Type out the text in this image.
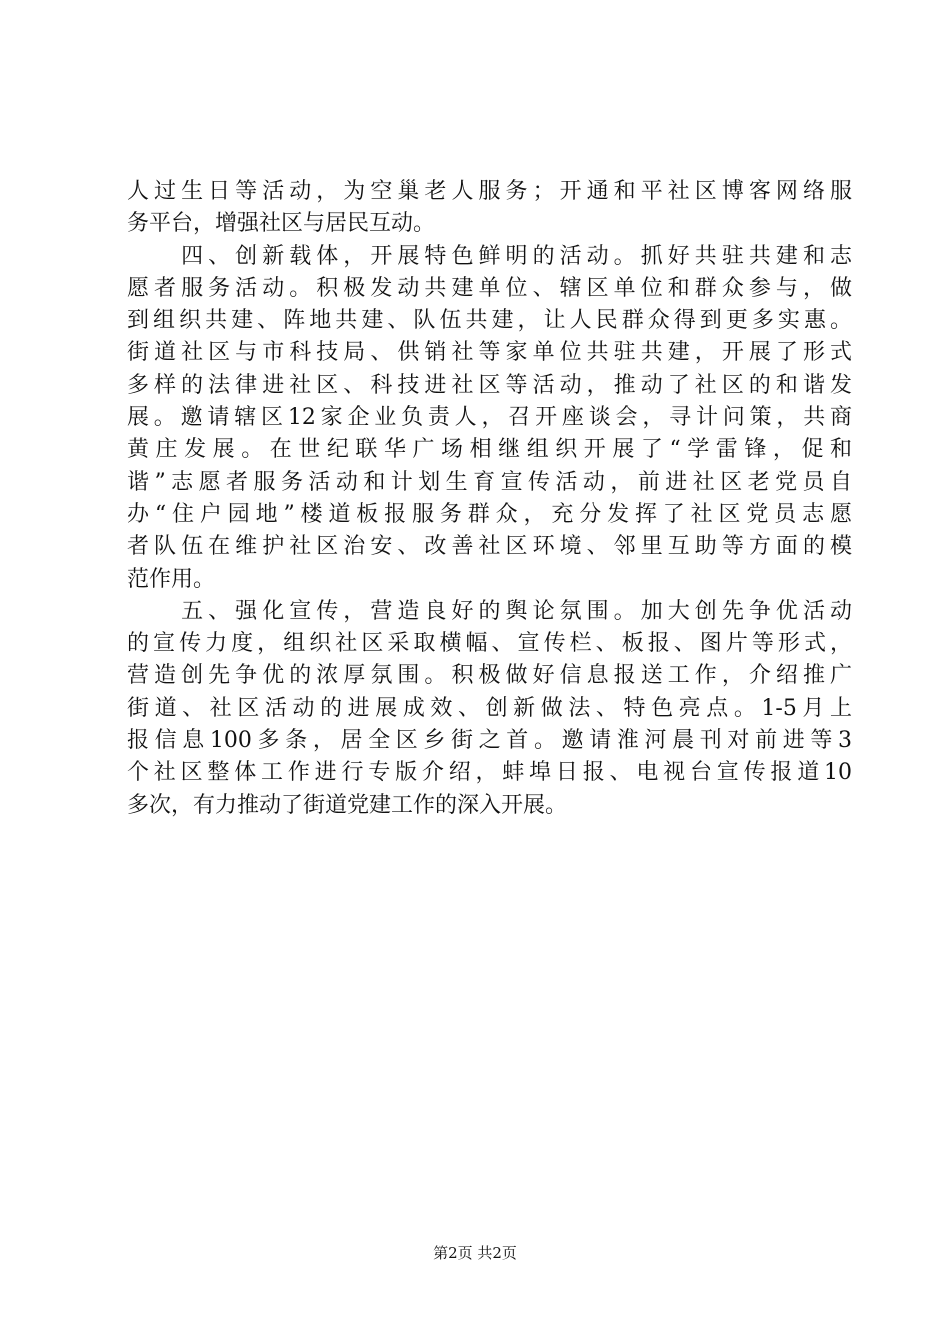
人过生日等活动，为空巢老人服务；开通和平社区博客网络服
务平台，增强社区与居民互动。
　　四、创新载体，开展特色鲜明的活动。抓好共驻共建和志
愿者服务活动。积极发动共建单位、辖区单位和群众参与，做
到组织共建、阵地共建、队伍共建，让人民群众得到更多实惠。
街道社区与市科技局、供销社等家单位共驻共建，开展了形式
多样的法律进社区、科技进社区等活动，推动了社区的和谐发
展。邀请辖区12家企业负责人，召开座谈会，寻计问策，共商
黄庄发展。在世纪联华广场相继组织开展了“学雷锋，促和
谐”志愿者服务活动和计划生育宣传活动，前进社区老党员自
办“住户园地”楼道板报服务群众，充分发挥了社区党员志愿
者队伍在维护社区治安、改善社区环境、邻里互助等方面的模
范作用。
　　五、强化宣传，营造良好的舆论氛围。加大创先争优活动
的宣传力度，组织社区采取横幅、宣传栏、板报、图片等形式，
营造创先争优的浓厚氛围。积极做好信息报送工作，介绍推广
街道、社区活动的进展成效、创新做法、特色亮点。1-5月上
报信息100多条，居全区乡街之首。邀请淮河晨刊对前进等3
个社区整体工作进行专版介绍，蚌埠日报、电视台宣传报道10
多次，有力推动了街道党建工作的深入开展。
第2页 共2页
